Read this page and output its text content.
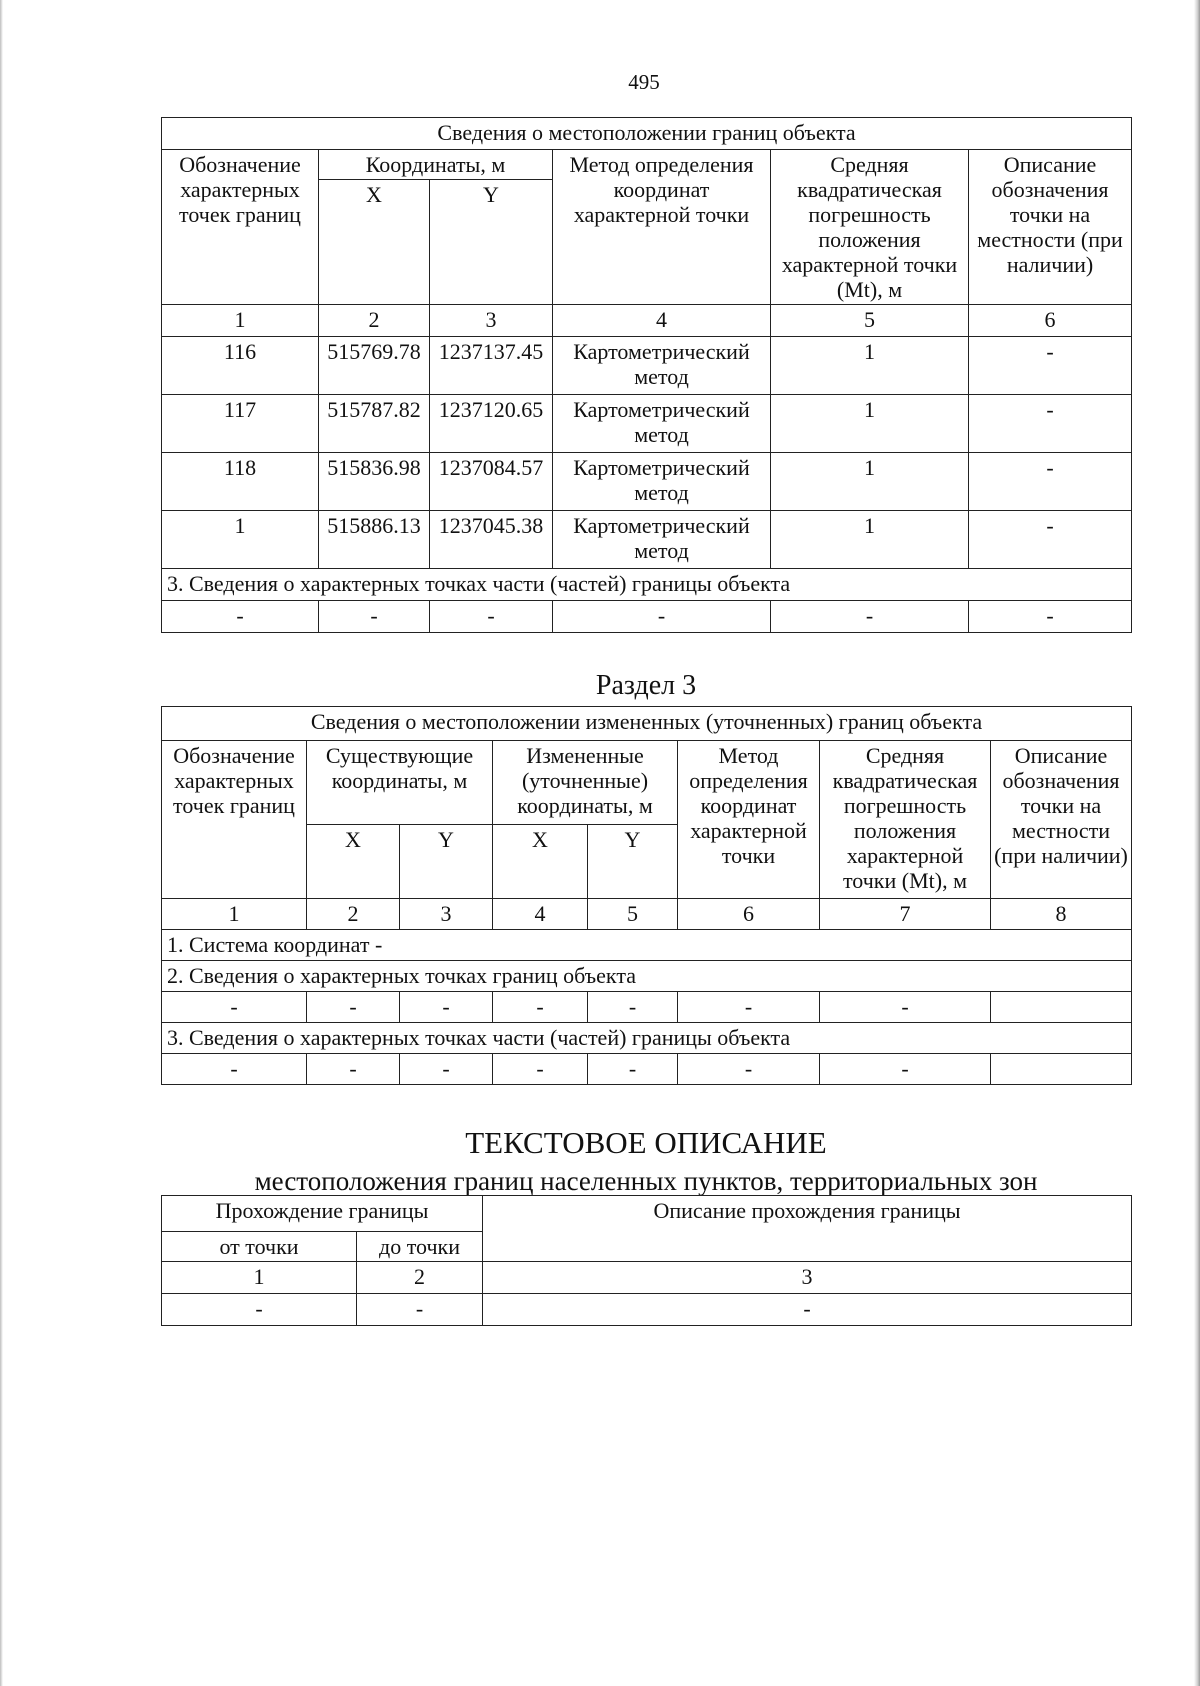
495
Сведения о местоположении границ объекта					
Обозначение характерных точек границ	Координаты, м		Метод определения координат характерной точки	Средняя квадратическая погрешность положения характерной точки (Mt), м	Описание обозначения точки на местности (при наличии)
	X	Y			
1	2	3	4	5	6
116	515769.78	1237137.45	Картометрический метод	1	-
117	515787.82	1237120.65	Картометрический метод	1	-
118	515836.98	1237084.57	Картометрический метод	1	-
1	515886.13	1237045.38	Картометрический метод	1	-
3. Сведения о характерных точках части (частей) границы объекта					
-	-	-	-	-	-
Раздел 3
Сведения о местоположении измененных (уточненных) границ объекта							
Обозначение характерных точек границ	Существующие координаты, м		Измененные (уточненные) координаты, м		Метод определения координат характерной точки	Средняя квадратическая погрешность положения характерной точки (Mt), м	Описание обозначения точки на местности (при наличии)
	X	Y	X	Y			
1	2	3	4	5	6	7	8
1. Система координат -							
2. Сведения о характерных точках границ объекта							
-	-	-	-	-	-	-	
3. Сведения о характерных точках части (частей) границы объекта							
-	-	-	-	-	-	-	
ТЕКСТОВОЕ ОПИСАНИЕ
местоположения границ населенных пунктов, территориальных зон
Прохождение границы		Описание прохождения границы
от точки	до точки	
1	2	3
-	-	-
